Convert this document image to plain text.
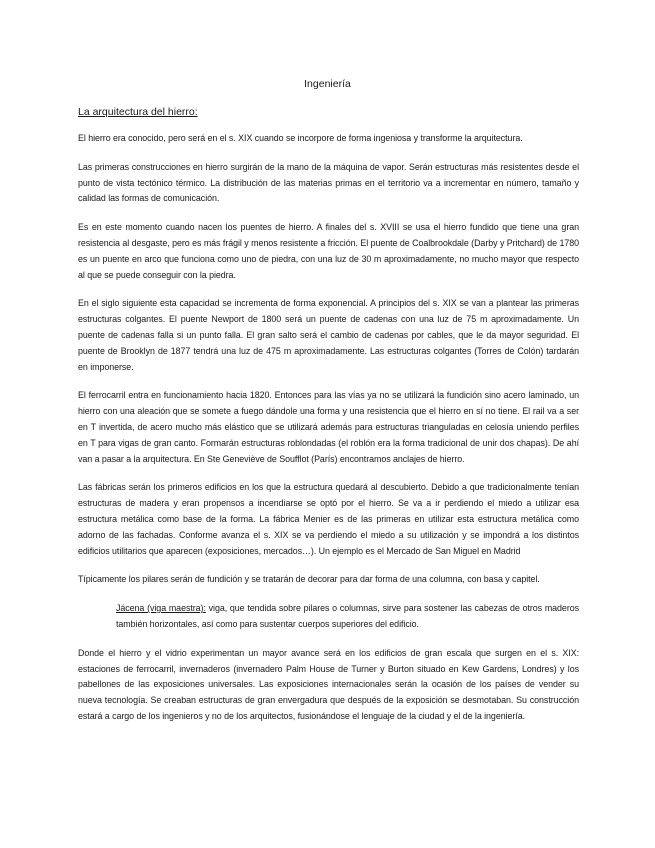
Ingeniería
La arquitectura del hierro:

El hierro era conocido, pero será en el s. XIX cuando se incorpore de forma ingeniosa y transforme la arquitectura.

Las primeras construcciones en hierro surgirán de la mano de la máquina de vapor. Serán estructuras más resistentes desde el punto de vista tectónico térmico. La distribución de las materias primas en el territorio va a incrementar en número, tamaño y calidad las formas de comunicación.

Es en este momento cuando nacen los puentes de hierro. A finales del s. XVIII se usa el hierro fundido que tiene una gran resistencia al desgaste, pero es más frágil y menos resistente a fricción. El puente de Coalbrookdale (Darby y Pritchard) de 1780 es un puente en arco que funciona como uno de piedra, con una luz de 30 m aproximadamente, no mucho mayor que respecto al que se puede conseguir con la piedra.

En el siglo siguiente esta capacidad se incrementa de forma exponencial. A principios del s. XIX se van a plantear las primeras estructuras colgantes. El puente Newport de 1800 será un puente de cadenas con una luz de 75 m aproximadamente. Un puente de cadenas falla si un punto falla. El gran salto será el cambio de cadenas por cables, que le da mayor seguridad. El puente de Brooklyn de 1877 tendrá una luz de 475 m aproximadamente. Las estructuras colgantes (Torres de Colón) tardarán en imponerse.

El ferrocarril entra en funcionamiento hacia 1820. Entonces para las vías ya no se utilizará la fundición sino acero laminado, un hierro con una aleación que se somete a fuego dándole una forma y una resistencia que el hierro en sí no tiene. El rail va a ser en T invertida, de acero mucho más elástico que se utilizará además para estructuras trianguladas en celosía uniendo perfiles en T para vigas de gran canto. Formarán estructuras roblondadas (el roblón era la forma tradicional de unir dos chapas). De ahí van a pasar a la arquitectura. En Ste Geneviève de Soufflot (París) encontramos anclajes de hierro.

Las fábricas serán los primeros edificios en los que la estructura quedará al descubierto. Debido a que tradicionalmente tenían estructuras de madera y eran propensos a incendiarse se optó por el hierro. Se va a ir perdiendo el miedo a utilizar esa estructura metálica como base de la forma. La fábrica Menier es de las primeras en utilizar esta estructura metálica como adorno de las fachadas. Conforme avanza el s. XIX se va perdiendo el miedo a su utilización y se impondrá a los distintos edificios utilitarios que aparecen (exposiciones, mercados…). Un ejemplo es el Mercado de San Miguel en Madrid

Típicamente los pilares serán de fundición y se tratarán de decorar para dar forma de una columna, con basa y capitel.

Jácena (viga maestra): viga, que tendida sobre pilares o columnas, sirve para sostener las cabezas de otros maderos también horizontales, así como para sustentar cuerpos superiores del edificio.

Donde el hierro y el vidrio experimentan un mayor avance será en los edificios de gran escala que surgen en el s. XIX: estaciones de ferrocarril, invernaderos (invernadero Palm House de Turner y Burton situado en Kew Gardens, Londres) y los pabellones de las exposiciones universales. Las exposiciones internacionales serán la ocasión de los países de vender su nueva tecnología. Se creaban estructuras de gran envergadura que después de la exposición se desmotaban. Su construcción estará a cargo de los ingenieros y no de los arquitectos, fusionándose el lenguaje de la ciudad y el de la ingeniería.
